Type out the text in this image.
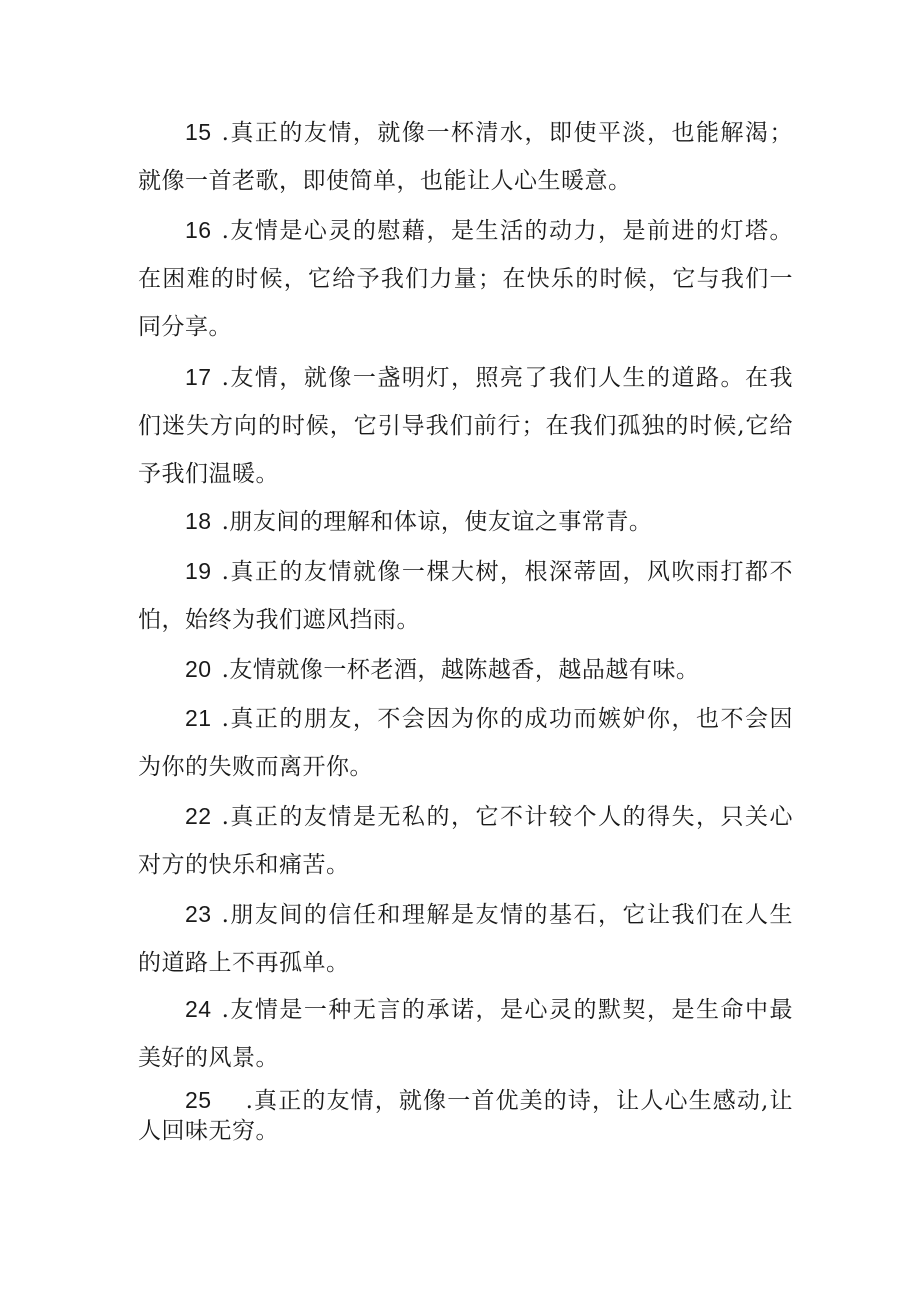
15 .真正的友情，就像一杯清水，即使平淡，也能解渴；就像一首老歌，即使简单，也能让人心生暖意。
16 .友情是心灵的慰藉，是生活的动力，是前进的灯塔。在困难的时候，它给予我们力量；在快乐的时候，它与我们一同分享。
17 .友情，就像一盏明灯，照亮了我们人生的道路。在我们迷失方向的时候，它引导我们前行；在我们孤独的时候,它给予我们温暖。
18 .朋友间的理解和体谅，使友谊之事常青。
19 .真正的友情就像一棵大树，根深蒂固，风吹雨打都不怕，始终为我们遮风挡雨。
20 .友情就像一杯老酒，越陈越香，越品越有味。
21 .真正的朋友，不会因为你的成功而嫉妒你，也不会因为你的失败而离开你。
22 .真正的友情是无私的，它不计较个人的得失，只关心对方的快乐和痛苦。
23 .朋友间的信任和理解是友情的基石，它让我们在人生的道路上不再孤单。
24 .友情是一种无言的承诺，是心灵的默契，是生命中最美好的风景。
25 .真正的友情，就像一首优美的诗，让人心生感动,让人回味无穷。
